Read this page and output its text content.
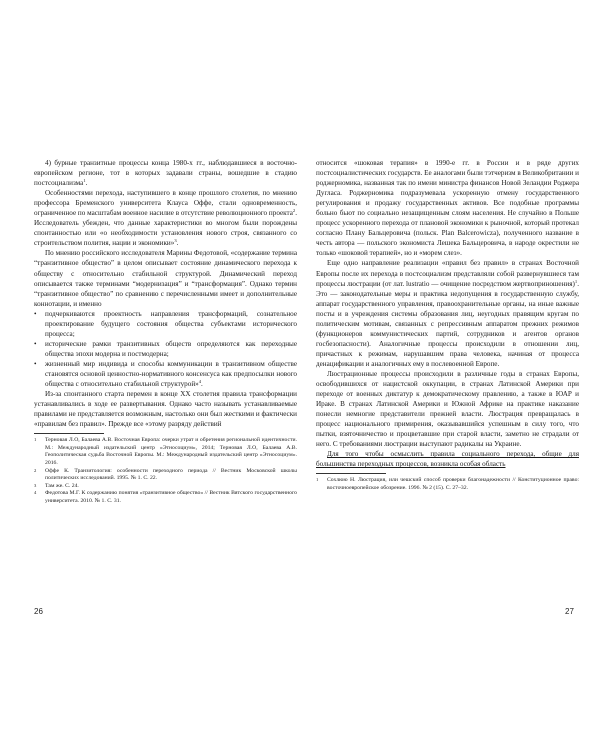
4) бурные транзитные процессы конца 1980-х гг., наблюдавшиеся в восточно-европейском регионе, тот в которых задавали страны, вошедшие в стадию постсоциализма$^1$.

Особенностями перехода, наступившего в конце прошлого столетия, по мнению профессора Бременского университета Клауса Оффе, стали одновременность, ограниченное по масштабам военное насилие в отсутствие революционного проекта$^2$. Исследователь убежден, что данные характеристики во многом были порождены спонтанностью или «о необходимости установления нового строя, связанного со строительством полития, нации и экономики»$^3$.

По мнению российского исследователя Марины Федотовой, «содержание термина “транзитивное общество” в целом описывает состояние динамического перехода к обществу с относительно стабильной структурой. Динамический переход описывается также терминами “модернизация” и “трансформация”. Однако термин “транзитивное общество” по сравнению с перечисленными имеет и дополнительные коннотации, и именно

• подчеркиваются проектность направления трансформаций, сознательное проектирование будущего состояния общества субъектами исторического процесса;
• исторические рамки транзитивных обществ определяются как переходные общества эпохи модерна и постмодерна;
• жизненный мир индивида и способы коммуникации в транзитивном обществе становятся основой ценностно-нормативного консенсуса как предпосылки нового общества с относительно стабильной структурой»$^4$.

Из-за спонтанного старта перемен в конце XX столетия правила трансформации устанавливались в ходе ее развертывания. Однако часто называть устанавливаемые правилами не представляется возможным, настолько они был жесткими и фактически «правилам без правил». Прежде все «этому разряду действий

1 Терновая Л.О, Балаева А.В. Восточная Европа: очерки утрат и обретения региональной идентичности. М.: Международный издательский центр «Этносоциум», 2014; Терновая Л.О, Балаева А.В. Геополитическая судьба Восточной Европы. М.: Международный издательский центр «Этносоциум». 2016.
2 Оффе К. Транзитология: особенности переходного периода // Вестник Московской школы политических исследований. 1995. № 1. С. 22.
3 Там же. С. 24.
4 Федотова М.Г. К содержанию понятия «транзитивное общество» // Вестник Вятского государственного университета. 2010. № 1. С. 31.

относится «шоковая терапия» в 1990-е гг. в России и в ряде других постсоциалистических государств. Ее аналогами были тэтчеризм в Великобритании и роджерномика, названная так по имени министра финансов Новой Зеландии Роджера Дугласа. Роджерномика подразумевала ускоренную отмену государственного регулирования и продажу государственных активов. Все подобные программы больно бьют по социально незащищенным слоям населения. Не случайно в Польше процесс ускоренного перехода от плановой экономики к рыночной, который протекал согласно Плану Бальцеровича (польск. Plan Balcerowicza), полученного название в честь автора — польского экономиста Лешека Бальцеровича, в народе окрестили не только «шоковой терапией», но и «морем слез».

Еще одно направление реализации «правил без правил» в странах Восточной Европы после их перехода в постсоциализм представляли собой развернувшиеся там процессы люстрации (от лат. lustratio — очищение посредством жертвоприношения)$^1$. Это — законодательные меры и практика недопущения в государственную службу, аппарат государственного управления, правоохранительные органы, на иные важные посты и в учреждения системы образования лиц, неугодных правящим кругам по политическим мотивам, связанных с репрессивным аппаратом прежних режимов (функционеров коммунистических партий, сотрудников и агентов органов госбезопасности). Аналогичные процессы происходили в отношении лиц, причастных к режимам, нарушавшим права человека, начиная от процесса денацификации и аналогичных ему в послевоенной Европе.

Люстрационные процессы происходили в различные годы в странах Европы, освободившихся от нацистской оккупации, в странах Латинской Америки при переходе от военных диктатур к демократическому правлению, а также в ЮАР и Ираке. В странах Латинской Америки и Южной Африке на практике наказание понесли немногие представители прежней власти. Люстрация превращалась в процесс национального примирения, оказывавшийся успешным в силу того, что пытки, взяточничество и процветавшие при старой власти, заметно не страдали от него. С требованиями люстрации выступают радикалы на Украине.

Для того чтобы осмыслить правила социального перехода, общие для большинства переходных процессов, возникла особая область

1 Сохлюю Н. Люстрация, или чешский способ проверки благонадежности // Конституционное право: восточноевропейское обозрение. 1996. № 2 (15). С. 27–32.
26	27
